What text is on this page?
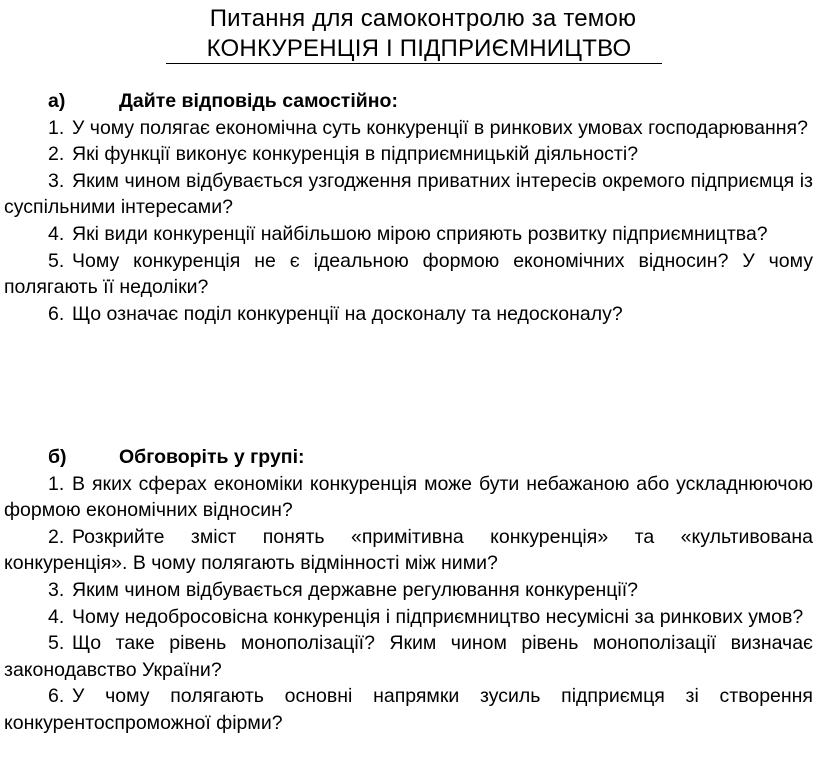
Питання для самоконтролю за темою
КОНКУРЕНЦІЯ І ПІДПРИЄМНИЦТВО
а)	Дайте відповідь самостійно:
1. У чому полягає економічна суть конкуренції в ринкових умовах господарювання?
2. Які функції виконує конкуренція в підприємницькій діяльності?
3. Яким чином відбувається узгодження приватних інтересів окремого підприємця із суспільними інтересами?
4. Які види конкуренції найбільшою мірою сприяють розвитку підприємництва?
5. Чому конкуренція не є ідеальною формою економічних відносин? У чому полягають її недоліки?
6. Що означає поділ конкуренції на досконалу та недосконалу?
б)	Обговоріть у групі:
1. В яких сферах економіки конкуренція може бути небажаною або ускладнюючою формою економічних відносин?
2. Розкрийте зміст понять «примітивна конкуренція» та «культивована конкуренція». В чому полягають відмінності між ними?
3. Яким чином відбувається державне регулювання конкуренції?
4. Чому недобросовісна конкуренція і підприємництво несумісні за ринкових умов?
5. Що таке рівень монополізації? Яким чином рівень монополізації визначає законодавство України?
6. У чому полягають основні напрямки зусиль підприємця зі створення конкурентоспроможної фірми?
